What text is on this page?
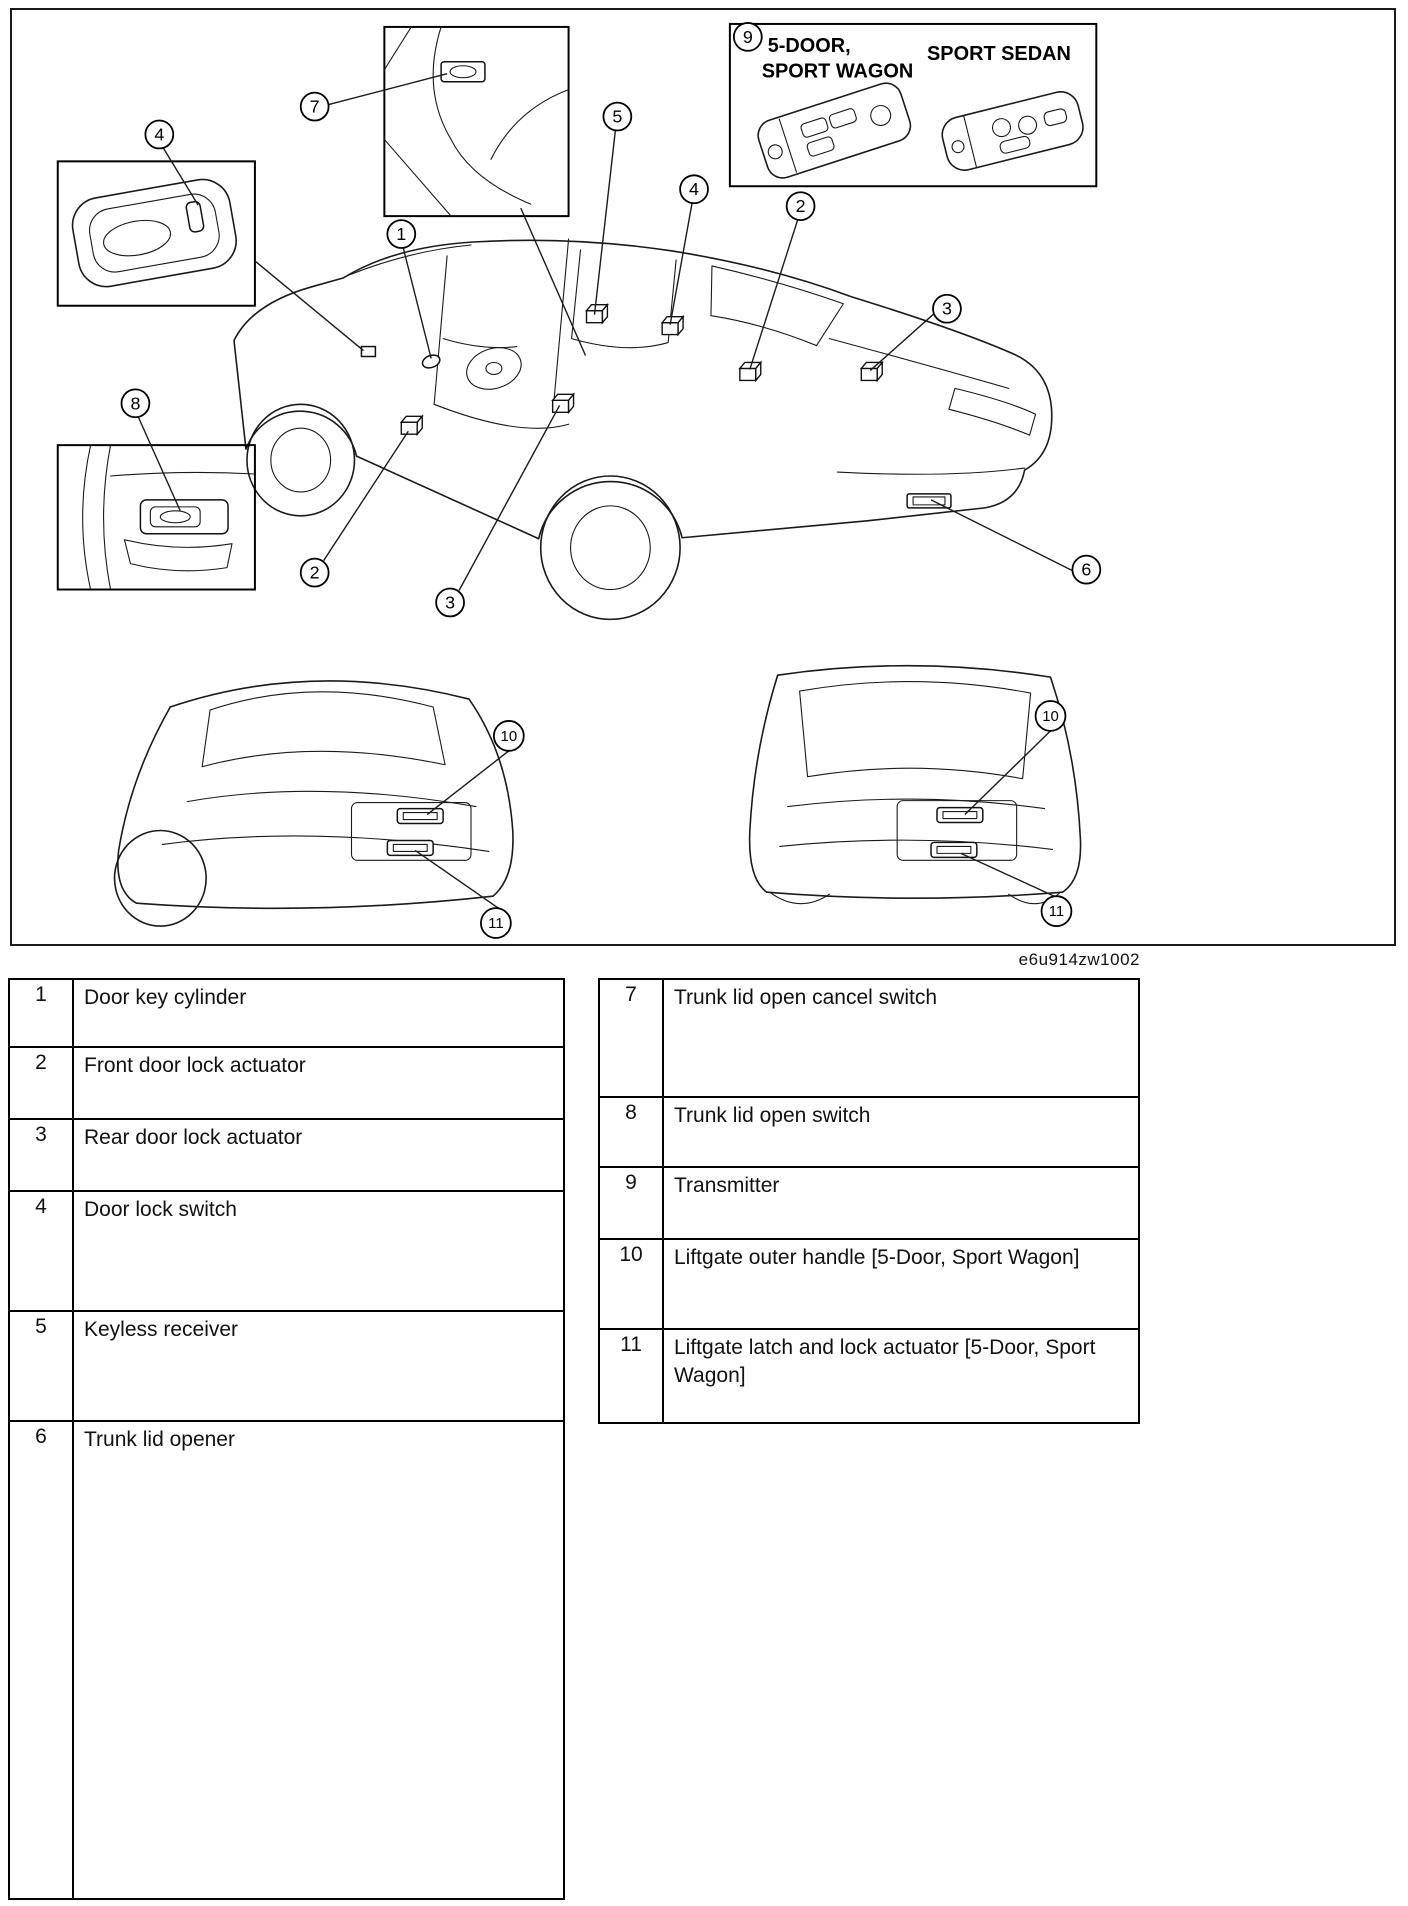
5-DOOR,
SPORT WAGON
SPORT SEDAN
4
7
1
5
4
2
3
8
2
3
6
9
10
11
10
11
e6u914zw1002
1	Door key cylinder
2	Front door lock actuator
3	Rear door lock actuator
4	Door lock switch
5	Keyless receiver
6	Trunk lid opener
7	Trunk lid open cancel switch
8	Trunk lid open switch
9	Transmitter
10	Liftgate outer handle [5-Door, Sport Wagon]
11	Liftgate latch and lock actuator [5-Door, Sport Wagon]
